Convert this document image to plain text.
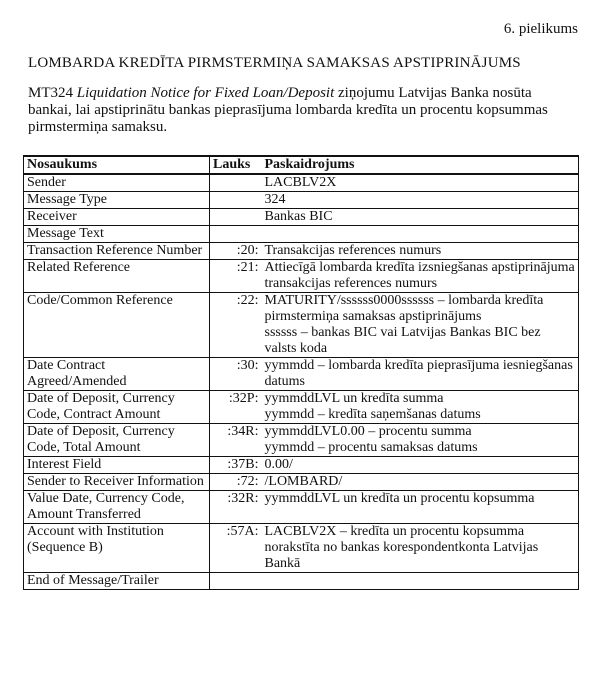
6. pielikums
LOMBARDA KREDĪTA PIRMSTERMIŅA SAMAKSAS APSTIPRINĀJUMS
MT324 Liquidation Notice for Fixed Loan/Deposit ziņojumu Latvijas Banka nosūta bankai, lai apstiprinātu bankas pieprasījuma lombarda kredīta un procentu kopsummas pirmstermiņa samaksu.
Nosaukums	Lauks	Paskaidrojums
Sender		LACBLV2X
Message Type		324
Receiver		Bankas BIC
Message Text		
Transaction Reference Number	:20:	Transakcijas references numurs
Related Reference	:21:	Attiecīgā lombarda kredīta izsniegšanas apstiprinājuma transakcijas references numurs
Code/Common Reference	:22:	MATURITY/ssssss0000ssssss – lombarda kredīta pirmstermiņa samaksas apstiprinājums
ssssss – bankas BIC vai Latvijas Bankas BIC bez valsts koda
Date Contract Agreed/Amended	:30:	yymmdd – lombarda kredīta pieprasījuma iesniegšanas datums
Date of Deposit, Currency Code, Contract Amount	:32P:	yymmddLVL un kredīta summa
yymmdd – kredīta saņemšanas datums
Date of Deposit, Currency Code, Total Amount	:34R:	yymmddLVL0.00 – procentu summa
yymmdd – procentu samaksas datums
Interest Field	:37B:	0.00/
Sender to Receiver Information	:72:	/LOMBARD/
Value Date, Currency Code, Amount Transferred	:32R:	yymmddLVL un kredīta un procentu kopsumma
Account with Institution (Sequence B)	:57A:	LACBLV2X – kredīta un procentu kopsumma norakstīta no bankas korespondentkonta Latvijas Bankā
End of Message/Trailer		
